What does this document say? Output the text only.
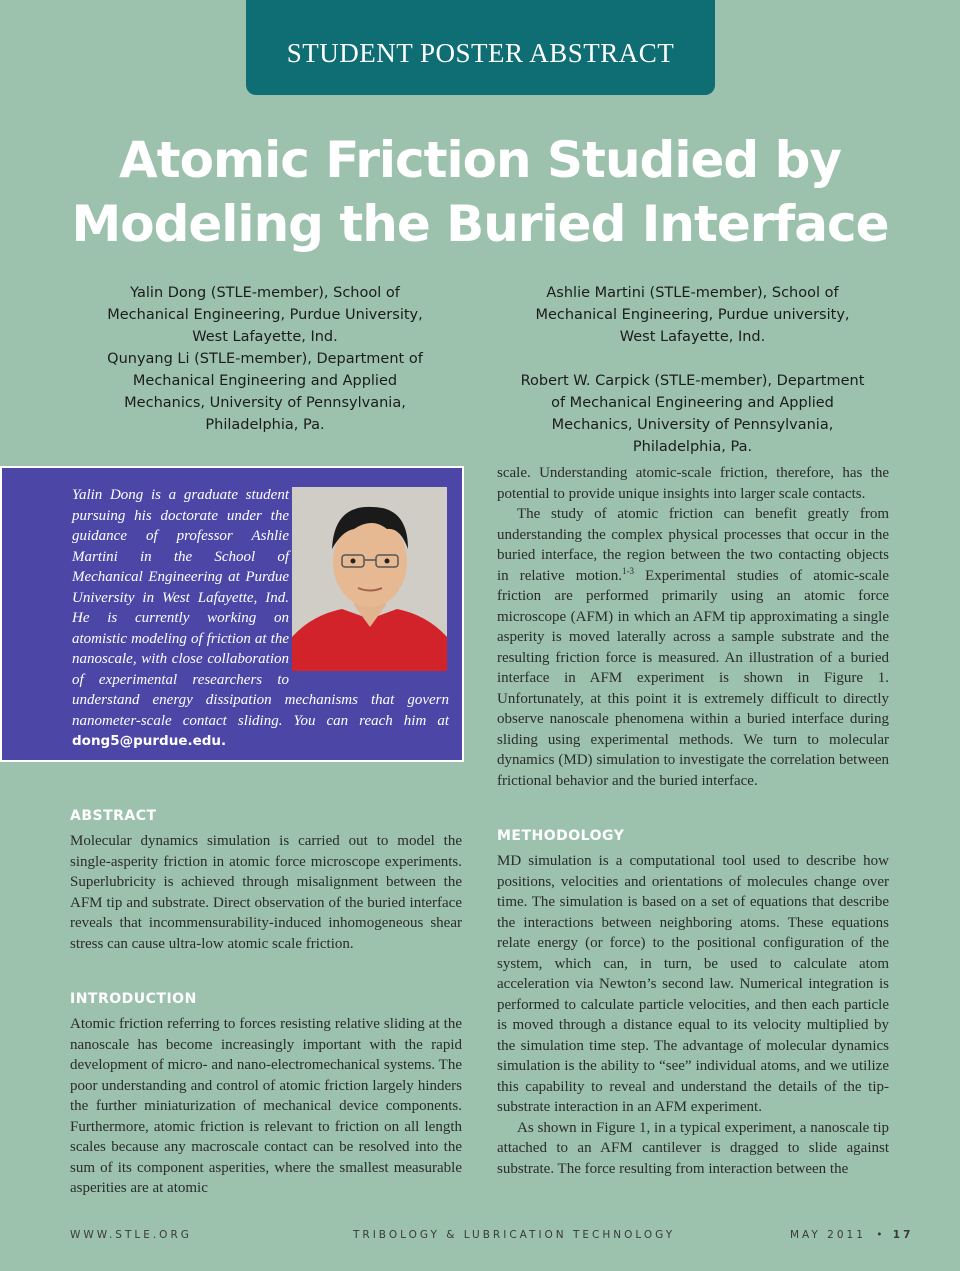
STUDENT POSTER ABSTRACT
Atomic Friction Studied by
Modeling the Buried Interface
Yalin Dong (STLE-member), School of Mechanical Engineering, Purdue University, West Lafayette, Ind.
Qunyang Li (STLE-member), Department of Mechanical Engineering and Applied Mechanics, University of Pennsylvania, Philadelphia, Pa.
Ashlie Martini (STLE-member), School of Mechanical Engineering, Purdue university, West Lafayette, Ind.
Robert W. Carpick (STLE-member), Department of Mechanical Engineering and Applied Mechanics, University of Pennsylvania, Philadelphia, Pa.
Yalin Dong is a graduate student pursuing his doctorate under the guidance of professor Ashlie Martini in the School of Mechanical Engineering at Purdue University in West Lafayette, Ind. He is currently working on atomistic modeling of friction at the nanoscale, with close collaboration of experimental researchers to understand energy dissipation mechanisms that govern nanometer-scale contact sliding. You can reach him at dong5@purdue.edu.
ABSTRACT

Molecular dynamics simulation is carried out to model the single-asperity friction in atomic force microscope experiments. Superlubricity is achieved through misalignment between the AFM tip and substrate. Direct observation of the buried interface reveals that incommensurability-induced inhomogeneous shear stress can cause ultra-low atomic scale friction.

INTRODUCTION

Atomic friction referring to forces resisting relative sliding at the nanoscale has become increasingly important with the rapid development of micro- and nano-electromechanical systems. The poor understanding and control of atomic friction largely hinders the further miniaturization of mechanical device components. Furthermore, atomic friction is relevant to friction on all length scales because any macroscale contact can be resolved into the sum of its component asperities, where the smallest measurable asperities are at atomic

scale. Understanding atomic-scale friction, therefore, has the potential to provide unique insights into larger scale contacts.

The study of atomic friction can benefit greatly from understanding the complex physical processes that occur in the buried interface, the region between the two contacting objects in relative motion.$^{1-3}$ Experimental studies of atomic-scale friction are performed primarily using an atomic force microscope (AFM) in which an AFM tip approximating a single asperity is moved laterally across a sample substrate and the resulting friction force is measured. An illustration of a buried interface in AFM experiment is shown in Figure 1. Unfortunately, at this point it is extremely difficult to directly observe nanoscale phenomena within a buried interface during sliding using experimental methods. We turn to molecular dynamics (MD) simulation to investigate the correlation between frictional behavior and the buried interface.

METHODOLOGY

MD simulation is a computational tool used to describe how positions, velocities and orientations of molecules change over time. The simulation is based on a set of equations that describe the interactions between neighboring atoms. These equations relate energy (or force) to the positional configuration of the system, which can, in turn, be used to calculate atom acceleration via Newton’s second law. Numerical integration is performed to calculate particle velocities, and then each particle is moved through a distance equal to its velocity multiplied by the simulation time step. The advantage of molecular dynamics simulation is the ability to “see” individual atoms, and we utilize this capability to reveal and understand the details of the tip-substrate interaction in an AFM experiment.

As shown in Figure 1, in a typical experiment, a nanoscale tip attached to an AFM cantilever is dragged to slide against substrate. The force resulting from interaction between the

WWW.STLE.ORG	TRIBOLOGY & LUBRICATION TECHNOLOGY	MAY 2011 • 17
